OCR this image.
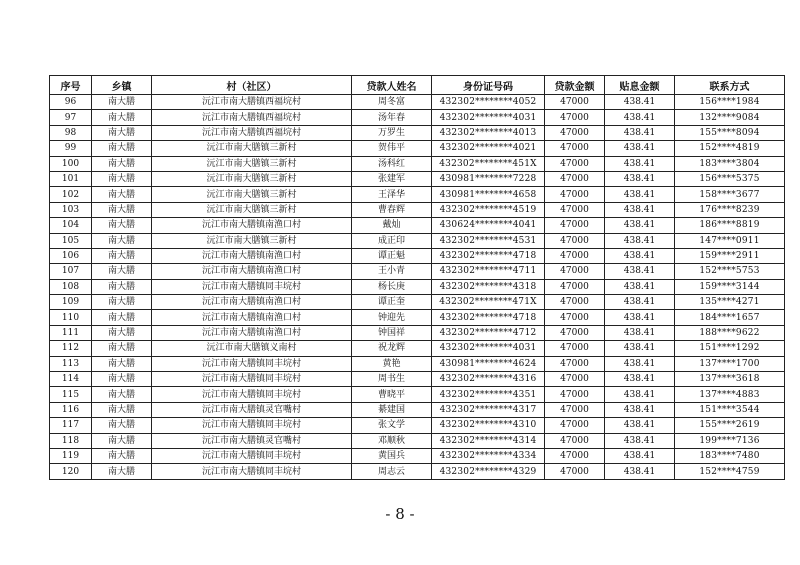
序号	乡镇	村（社区）	贷款人姓名	身份证号码	贷款金额	贴息金额	联系方式
96	南大膳	沅江市南大膳镇西福垸村	周冬富	432302********4052	47000	438.41	156****1984
97	南大膳	沅江市南大膳镇西福垸村	汤年春	432302********4031	47000	438.41	132****9084
98	南大膳	沅江市南大膳镇西福垸村	万罗生	432302********4013	47000	438.41	155****8094
99	南大膳	沅江市南大膳镇三新村	贺伟平	432302********4021	47000	438.41	152****4819
100	南大膳	沅江市南大膳镇三新村	汤科红	432302********451X	47000	438.41	183****3804
101	南大膳	沅江市南大膳镇三新村	张建军	430981********7228	47000	438.41	156****5375
102	南大膳	沅江市南大膳镇三新村	王泽华	430981********4658	47000	438.41	158****3677
103	南大膳	沅江市南大膳镇三新村	曹春辉	432302********4519	47000	438.41	176****8239
104	南大膳	沅江市南大膳镇南渔口村	戴灿	430624********4041	47000	438.41	186****8819
105	南大膳	沅江市南大膳镇三新村	成正印	432302********4531	47000	438.41	147****0911
106	南大膳	沅江市南大膳镇南渔口村	谭正魁	432302********4718	47000	438.41	159****2911
107	南大膳	沅江市南大膳镇南渔口村	王小青	432302********4711	47000	438.41	152****5753
108	南大膳	沅江市南大膳镇同丰垸村	杨长庚	432302********4318	47000	438.41	159****3144
109	南大膳	沅江市南大膳镇南渔口村	谭正奎	432302********471X	47000	438.41	135****4271
110	南大膳	沅江市南大膳镇南渔口村	钟迎先	432302********4718	47000	438.41	184****1657
111	南大膳	沅江市南大膳镇南渔口村	钟国祥	432302********4712	47000	438.41	188****9622
112	南大膳	沅江市南大膳镇义南村	祝龙辉	432302********4031	47000	438.41	151****1292
113	南大膳	沅江市南大膳镇同丰垸村	黄艳	430981********4624	47000	438.41	137****1700
114	南大膳	沅江市南大膳镇同丰垸村	周书生	432302********4316	47000	438.41	137****3618
115	南大膳	沅江市南大膳镇同丰垸村	曹晓平	432302********4351	47000	438.41	137****4883
116	南大膳	沅江市南大膳镇灵官嘴村	綦建国	432302********4317	47000	438.41	151****3544
117	南大膳	沅江市南大膳镇同丰垸村	张文学	432302********4310	47000	438.41	155****2619
118	南大膳	沅江市南大膳镇灵官嘴村	邓顺秋	432302********4314	47000	438.41	199****7136
119	南大膳	沅江市南大膳镇同丰垸村	黄国兵	432302********4334	47000	438.41	183****7480
120	南大膳	沅江市南大膳镇同丰垸村	周志云	432302********4329	47000	438.41	152****4759
- 8 -
